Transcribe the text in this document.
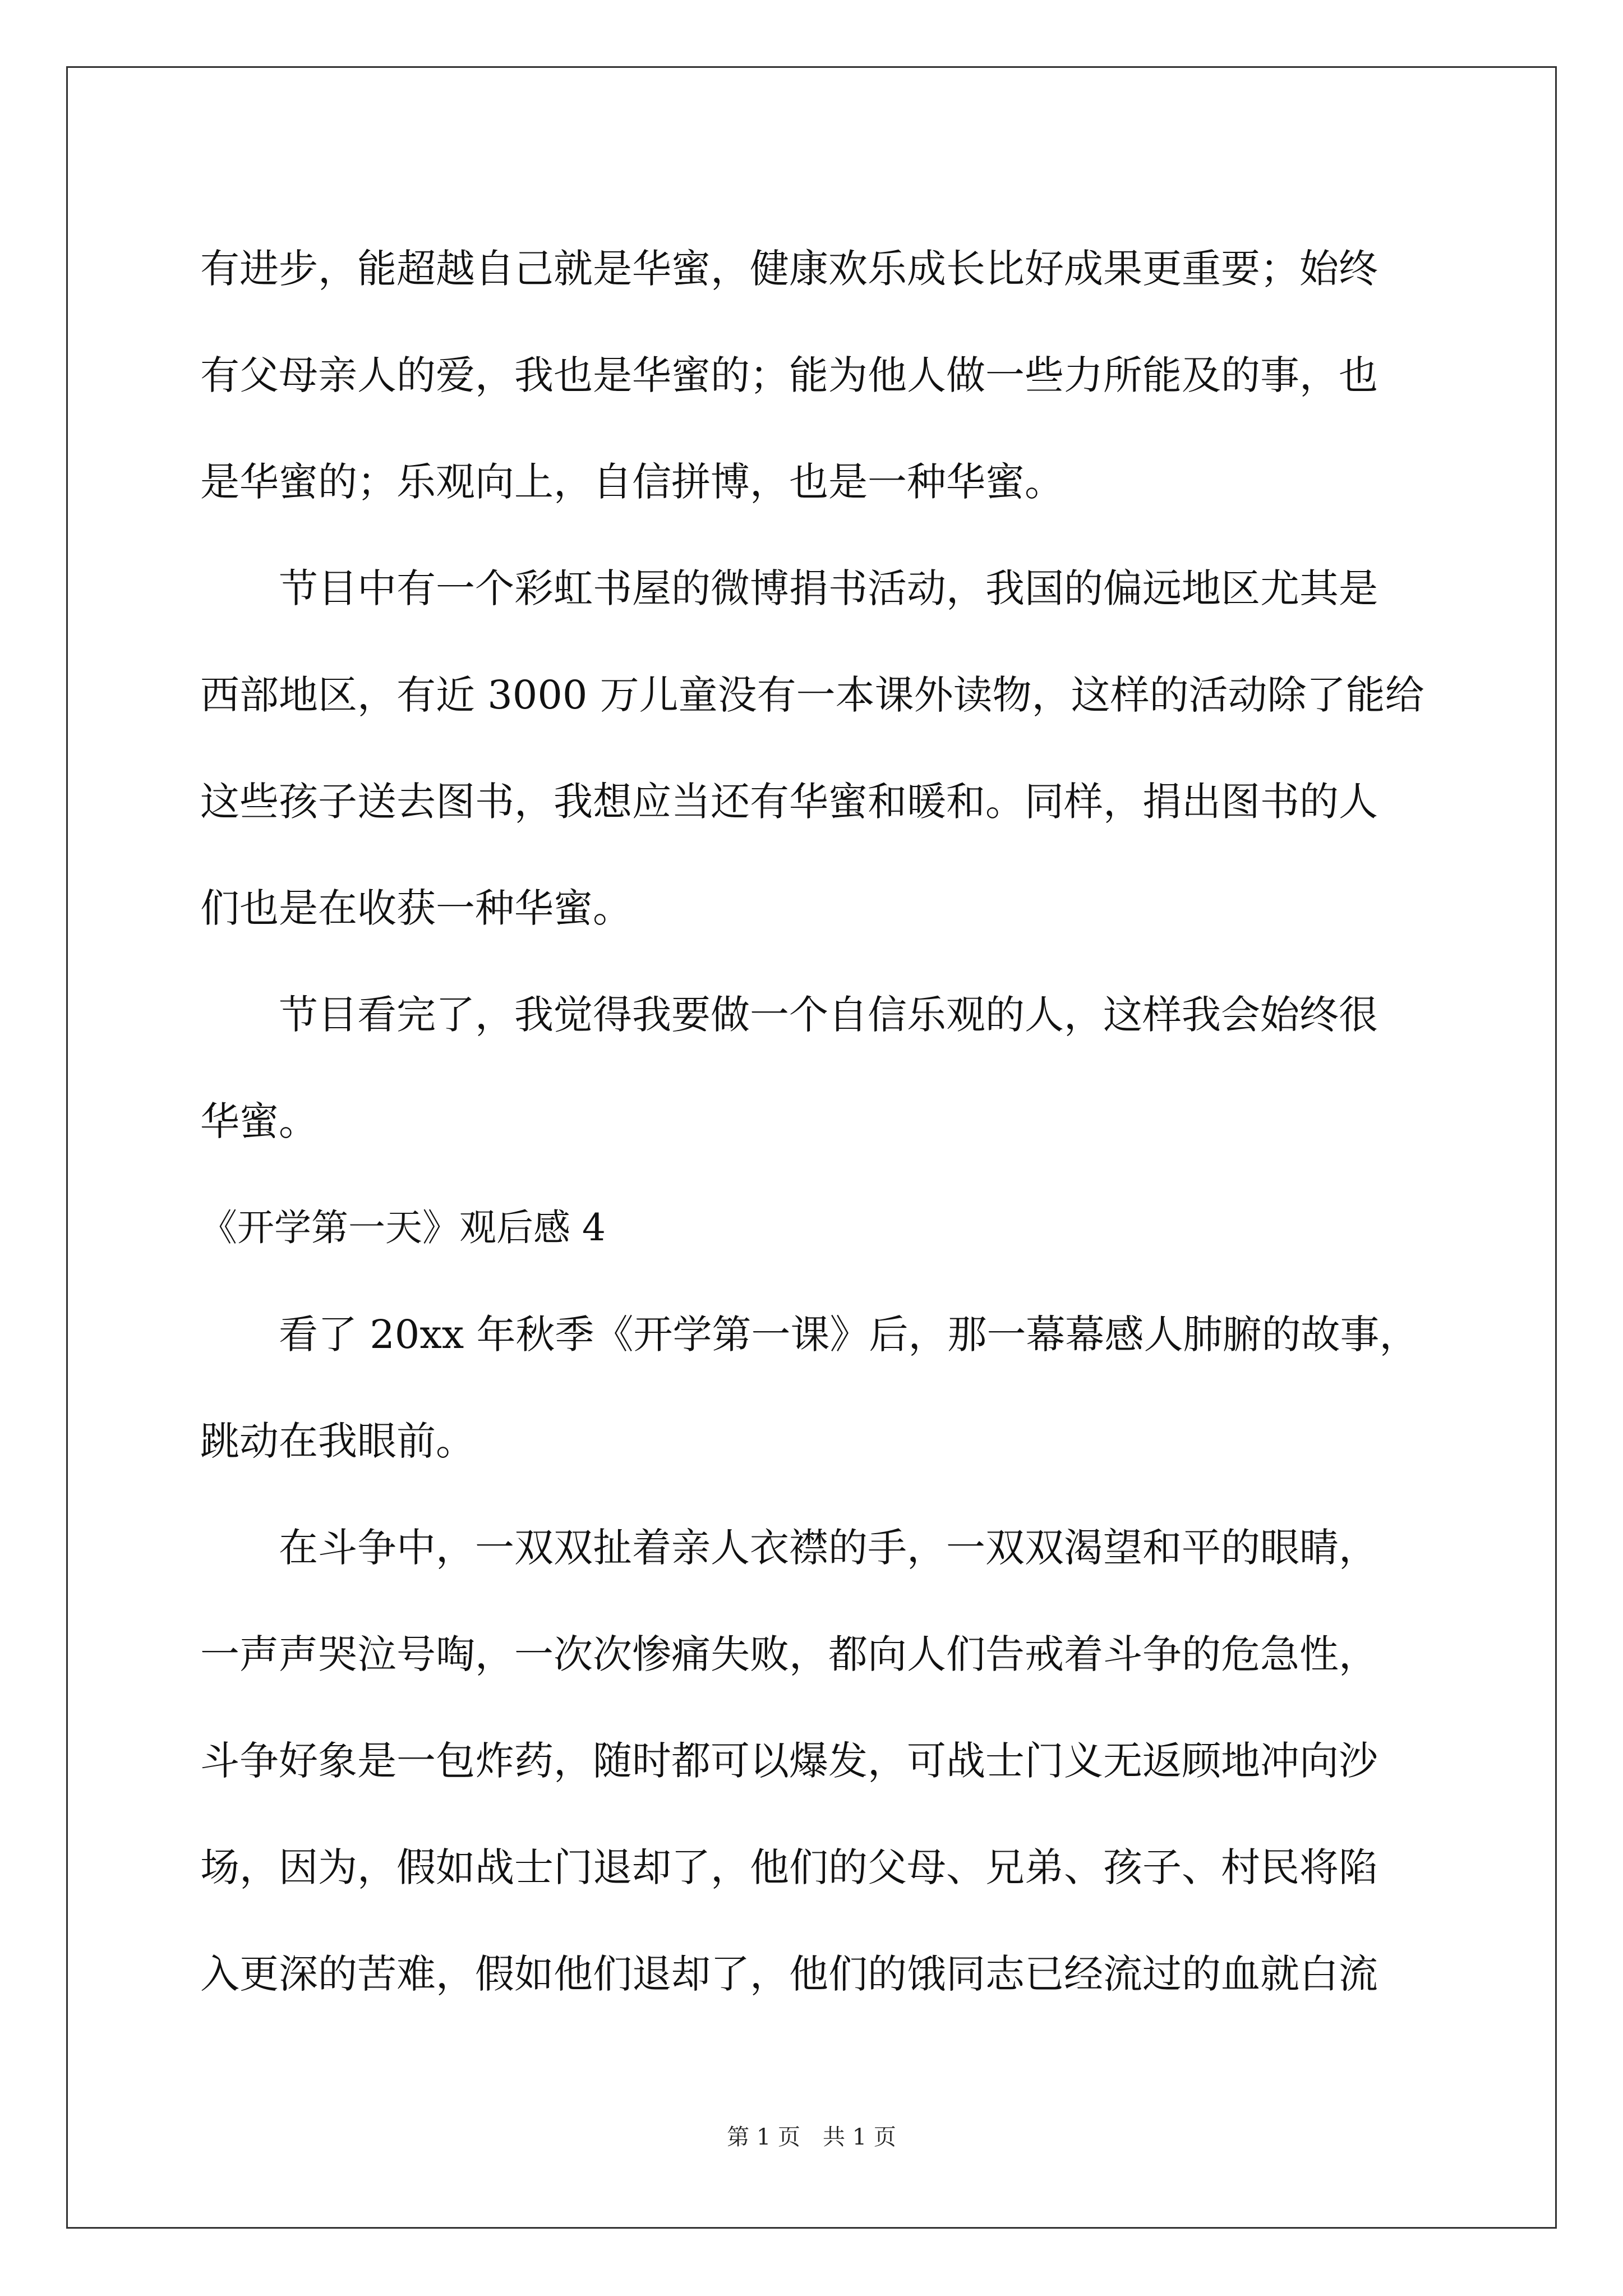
有进步，能超越自己就是华蜜，健康欢乐成长比好成果更重要；始终
有父母亲人的爱，我也是华蜜的；能为他人做一些力所能及的事，也
是华蜜的；乐观向上，自信拼博，也是一种华蜜。
　　节目中有一个彩虹书屋的微博捐书活动，我国的偏远地区尤其是
西部地区，有近 3000 万儿童没有一本课外读物，这样的活动除了能给
这些孩子送去图书，我想应当还有华蜜和暖和。同样，捐出图书的人
们也是在收获一种华蜜。
　　节目看完了，我觉得我要做一个自信乐观的人，这样我会始终很
华蜜。
《开学第一天》观后感 4
　　看了 20xx 年秋季《开学第一课》后，那一幕幕感人肺腑的故事，
跳动在我眼前。
　　在斗争中，一双双扯着亲人衣襟的手，一双双渴望和平的眼睛，
一声声哭泣号啕，一次次惨痛失败，都向人们告戒着斗争的危急性，
斗争好象是一包炸药，随时都可以爆发，可战士门义无返顾地冲向沙
场，因为，假如战士门退却了，他们的父母、兄弟、孩子、村民将陷
入更深的苦难，假如他们退却了，他们的饿同志已经流过的血就白流
第 1 页　共 1 页
